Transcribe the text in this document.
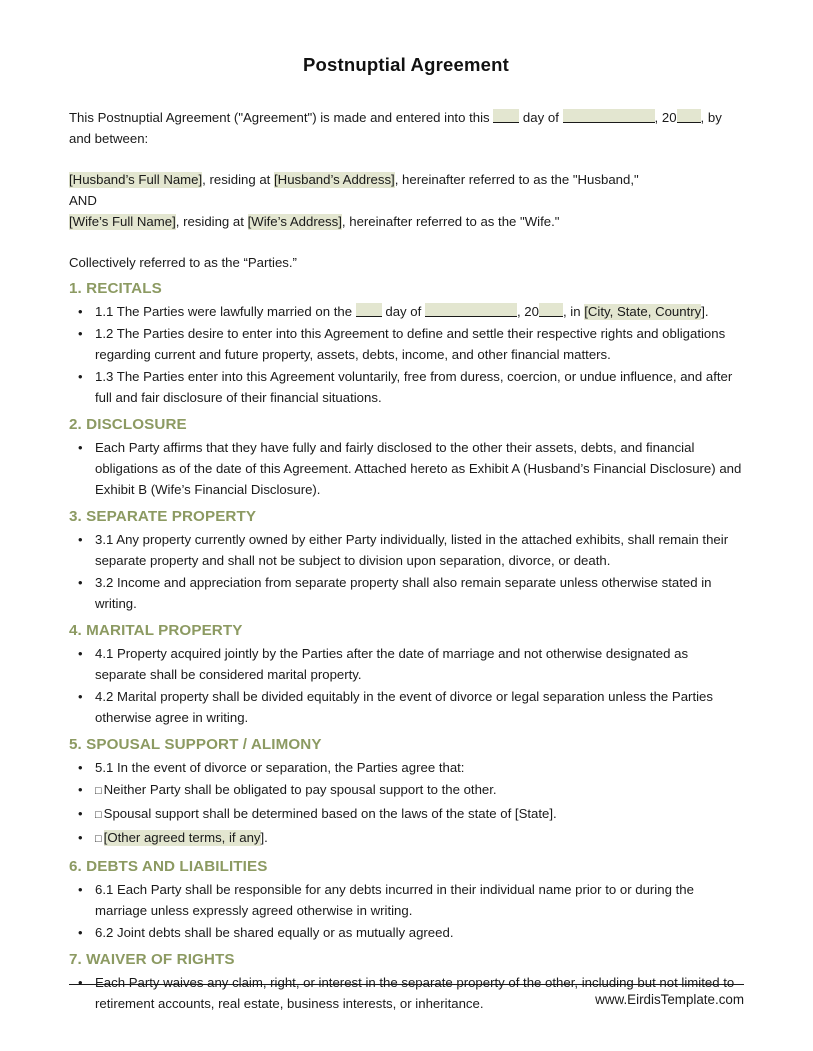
Postnuptial Agreement

This Postnuptial Agreement ("Agreement") is made and entered into this  day of	, 20 , by and between:

[Husband’s Full Name], residing at [Husband’s Address], hereinafter referred to as the "Husband,"

AND

[Wife’s Full Name], residing at [Wife’s Address], hereinafter referred to as the "Wife."

Collectively referred to as the “Parties.”

1. RECITALS
• 1.1 The Parties were lawfully married on the  day of	, 20 , in [City, State, Country].
• 1.2 The Parties desire to enter into this Agreement to define and settle their respective rights and obligations regarding current and future property, assets, debts, income, and other financial matters.
• 1.3 The Parties enter into this Agreement voluntarily, free from duress, coercion, or undue influence, and after full and fair disclosure of their financial situations.
2. DISCLOSURE
• Each Party affirms that they have fully and fairly disclosed to the other their assets, debts, and financial obligations as of the date of this Agreement. Attached hereto as Exhibit A (Husband’s Financial Disclosure) and Exhibit B (Wife’s Financial Disclosure).
3. SEPARATE PROPERTY
• 3.1 Any property currently owned by either Party individually, listed in the attached exhibits, shall remain their separate property and shall not be subject to division upon separation, divorce, or death.
• 3.2 Income and appreciation from separate property shall also remain separate unless otherwise stated in writing.
4. MARITAL PROPERTY
• 4.1 Property acquired jointly by the Parties after the date of marriage and not otherwise designated as separate shall be considered marital property.
• 4.2 Marital property shall be divided equitably in the event of divorce or legal separation unless the Parties otherwise agree in writing.
5. SPOUSAL SUPPORT / ALIMONY
• 5.1 In the event of divorce or separation, the Parties agree that:
• □ Neither Party shall be obligated to pay spousal support to the other.
• □ Spousal support shall be determined based on the laws of the state of [State].
• □ [Other agreed terms, if any].
6. DEBTS AND LIABILITIES
• 6.1 Each Party shall be responsible for any debts incurred in their individual name prior to or during the marriage unless expressly agreed otherwise in writing.
• 6.2 Joint debts shall be shared equally or as mutually agreed.
7. WAIVER OF RIGHTS
• Each Party waives any claim, right, or interest in the separate property of the other, including but not limited to retirement accounts, real estate, business interests, or inheritance.	www.EirdisTemplate.com
